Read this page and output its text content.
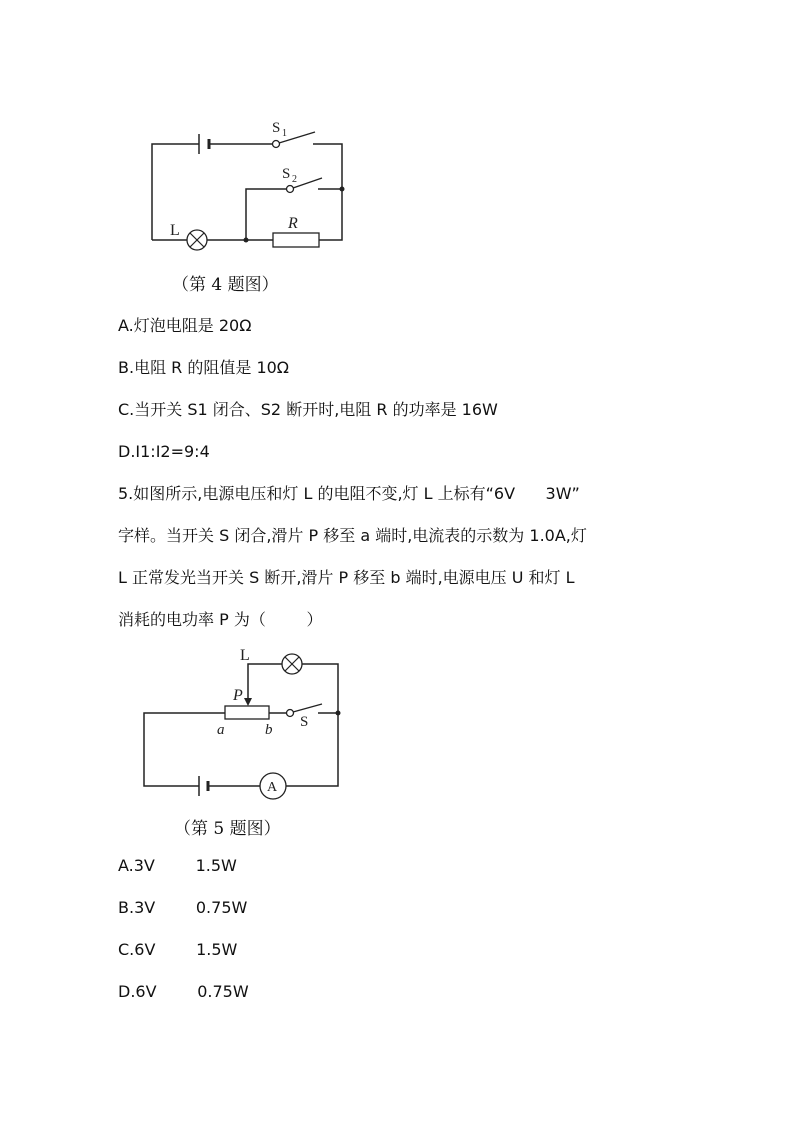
S 1
S 2
R
L
（第 4 题图）
A.灯泡电阻是 20Ω
B.电阻 R 的阻值是 10Ω
C.当开关 S1 闭合、S2 断开时,电阻 R 的功率是 16W
D.I1:I2=9:4
5.如图所示,电源电压和灯 L 的电阻不变,灯 L 上标有“6V      3W”
字样。当开关 S 闭合,滑片 P 移至 a 端时,电流表的示数为 1.0A,灯
L 正常发光当开关 S 断开,滑片 P 移至 b 端时,电源电压 U 和灯 L
消耗的电功率 P 为（        ）
L
P
a	b S
A
（第 5 题图）
A.3V        1.5W
B.3V        0.75W
C.6V        1.5W
D.6V        0.75W
